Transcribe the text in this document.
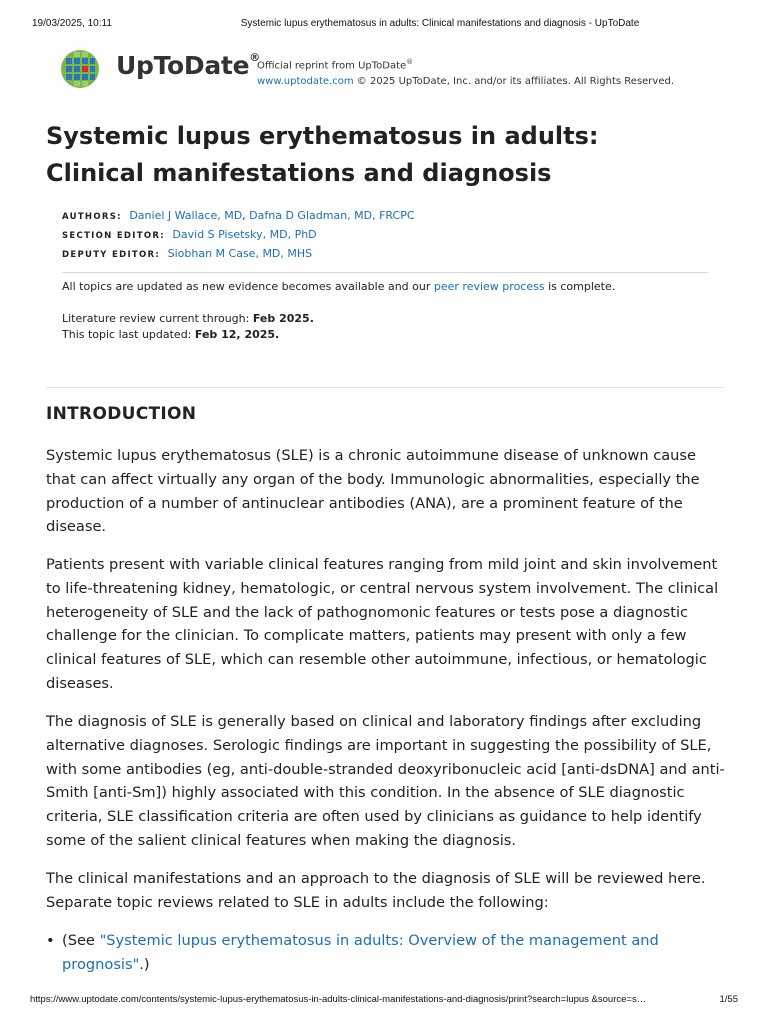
19/03/2025, 10:11	Systemic lupus erythematosus in adults: Clinical manifestations and diagnosis - UpToDate
UpToDate®
Official reprint from UpToDate®
www.uptodate.com © 2025 UpToDate, Inc. and/or its affiliates. All Rights Reserved.
Systemic lupus erythematosus in adults: Clinical manifestations and diagnosis
AUTHORS: Daniel J Wallace, MD, Dafna D Gladman, MD, FRCPC
SECTION EDITOR: David S Pisetsky, MD, PhD
DEPUTY EDITOR: Siobhan M Case, MD, MHS
All topics are updated as new evidence becomes available and our peer review process is complete.
Literature review current through: Feb 2025.
This topic last updated: Feb 12, 2025.
INTRODUCTION

Systemic lupus erythematosus (SLE) is a chronic autoimmune disease of unknown cause that can affect virtually any organ of the body. Immunologic abnormalities, especially the production of a number of antinuclear antibodies (ANA), are a prominent feature of the disease.

Patients present with variable clinical features ranging from mild joint and skin involvement to life-threatening kidney, hematologic, or central nervous system involvement. The clinical heterogeneity of SLE and the lack of pathognomonic features or tests pose a diagnostic challenge for the clinician. To complicate matters, patients may present with only a few clinical features of SLE, which can resemble other autoimmune, infectious, or hematologic diseases.

The diagnosis of SLE is generally based on clinical and laboratory findings after excluding alternative diagnoses. Serologic findings are important in suggesting the possibility of SLE, with some antibodies (eg, anti-double-stranded deoxyribonucleic acid [anti-dsDNA] and anti-Smith [anti-Sm]) highly associated with this condition. In the absence of SLE diagnostic criteria, SLE classification criteria are often used by clinicians as guidance to help identify some of the salient clinical features when making the diagnosis.

The clinical manifestations and an approach to the diagnosis of SLE will be reviewed here. Separate topic reviews related to SLE in adults include the following:

• (See "Systemic lupus erythematosus in adults: Overview of the management and prognosis".)
https://www.uptodate.com/contents/systemic-lupus-erythematosus-in-adults-clinical-manifestations-and-diagnosis/print?search=lupus &source=s…	1/55
